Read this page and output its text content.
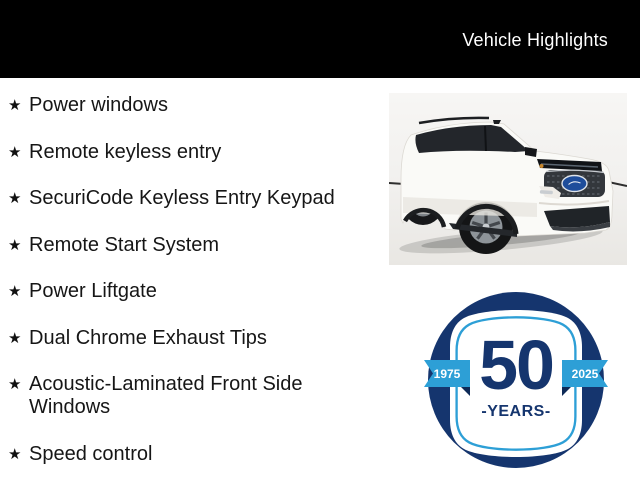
Vehicle Highlights
★ Power windows
★ Remote keyless entry
★ SecuriCode Keyless Entry Keypad
★ Remote Start System
★ Power Liftgate
★ Dual Chrome Exhaust Tips
★ Acoustic-Laminated Front Side Windows
★ Speed control
50
-YEARS-
1975	2025
